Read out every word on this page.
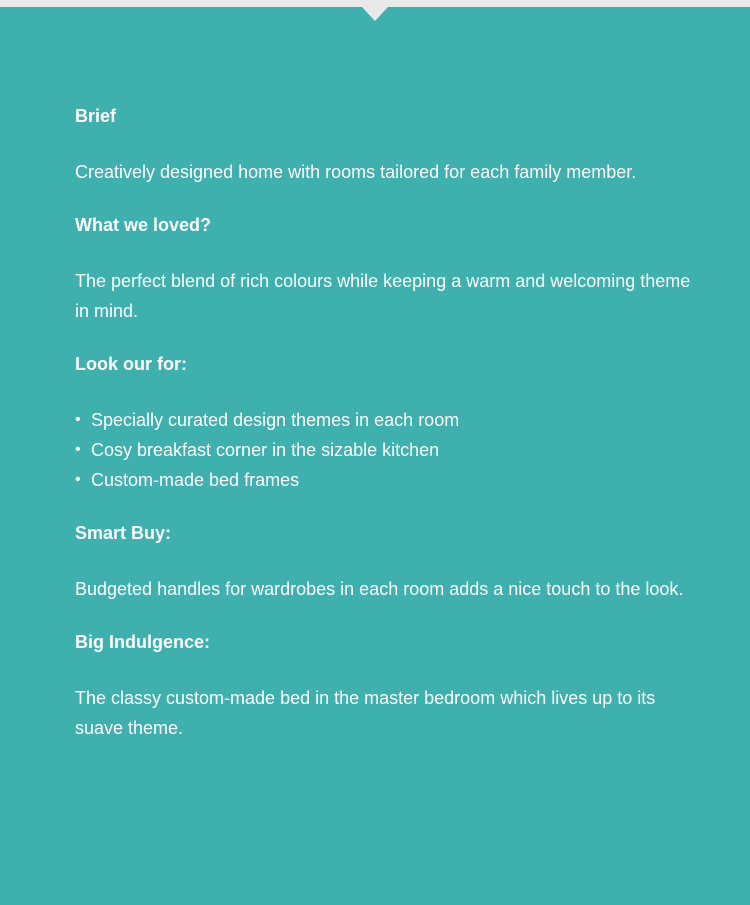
Brief

Creatively designed home with rooms tailored for each family member.

What we loved?

The perfect blend of rich colours while keeping a warm and welcoming theme in mind.

Look our for:

• Specially curated design themes in each room
• Cosy breakfast corner in the sizable kitchen
• Custom-made bed frames

Smart Buy:

Budgeted handles for wardrobes in each room adds a nice touch to the look.

Big Indulgence:

The classy custom-made bed in the master bedroom which lives up to its suave theme.
